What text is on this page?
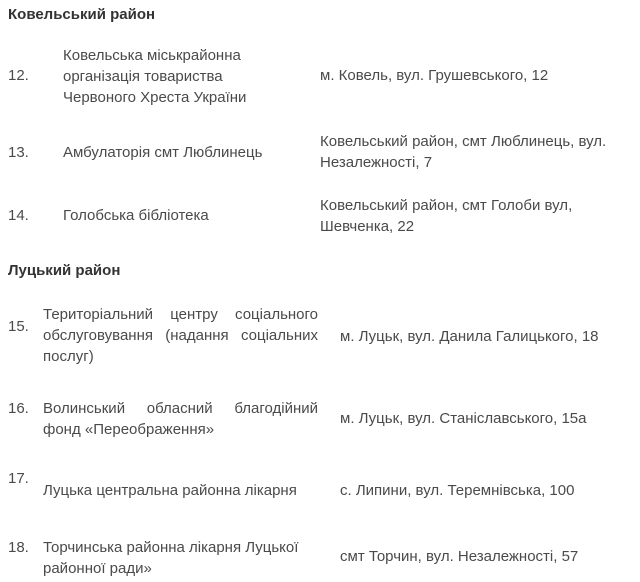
Ковельський район
12.
Ковельська міськрайонна організація товариства Червоного Хреста України
м. Ковель, вул. Грушевського, 12
13. Амбулаторія смт Люблинець
Ковельський район, смт Люблинець, вул. Незалежності, 7
14. Голобська бібліотека
Ковельський район, смт Голоби вул, Шевченка, 22
Луцький район
15.
Територіальний центру соціального обслуговування (надання соціальних послуг)
м. Луцьк, вул. Данила Галицького, 18
16. Волинський обласний благодійний фонд «Переображення»
м. Луцьк, вул. Станіславського, 15а
17.
Луцька центральна районна лікарня	с. Липини, вул. Теремнівська, 100
18. Торчинська районна лікарня Луцької районної ради»
смт Торчин, вул. Незалежності, 57
